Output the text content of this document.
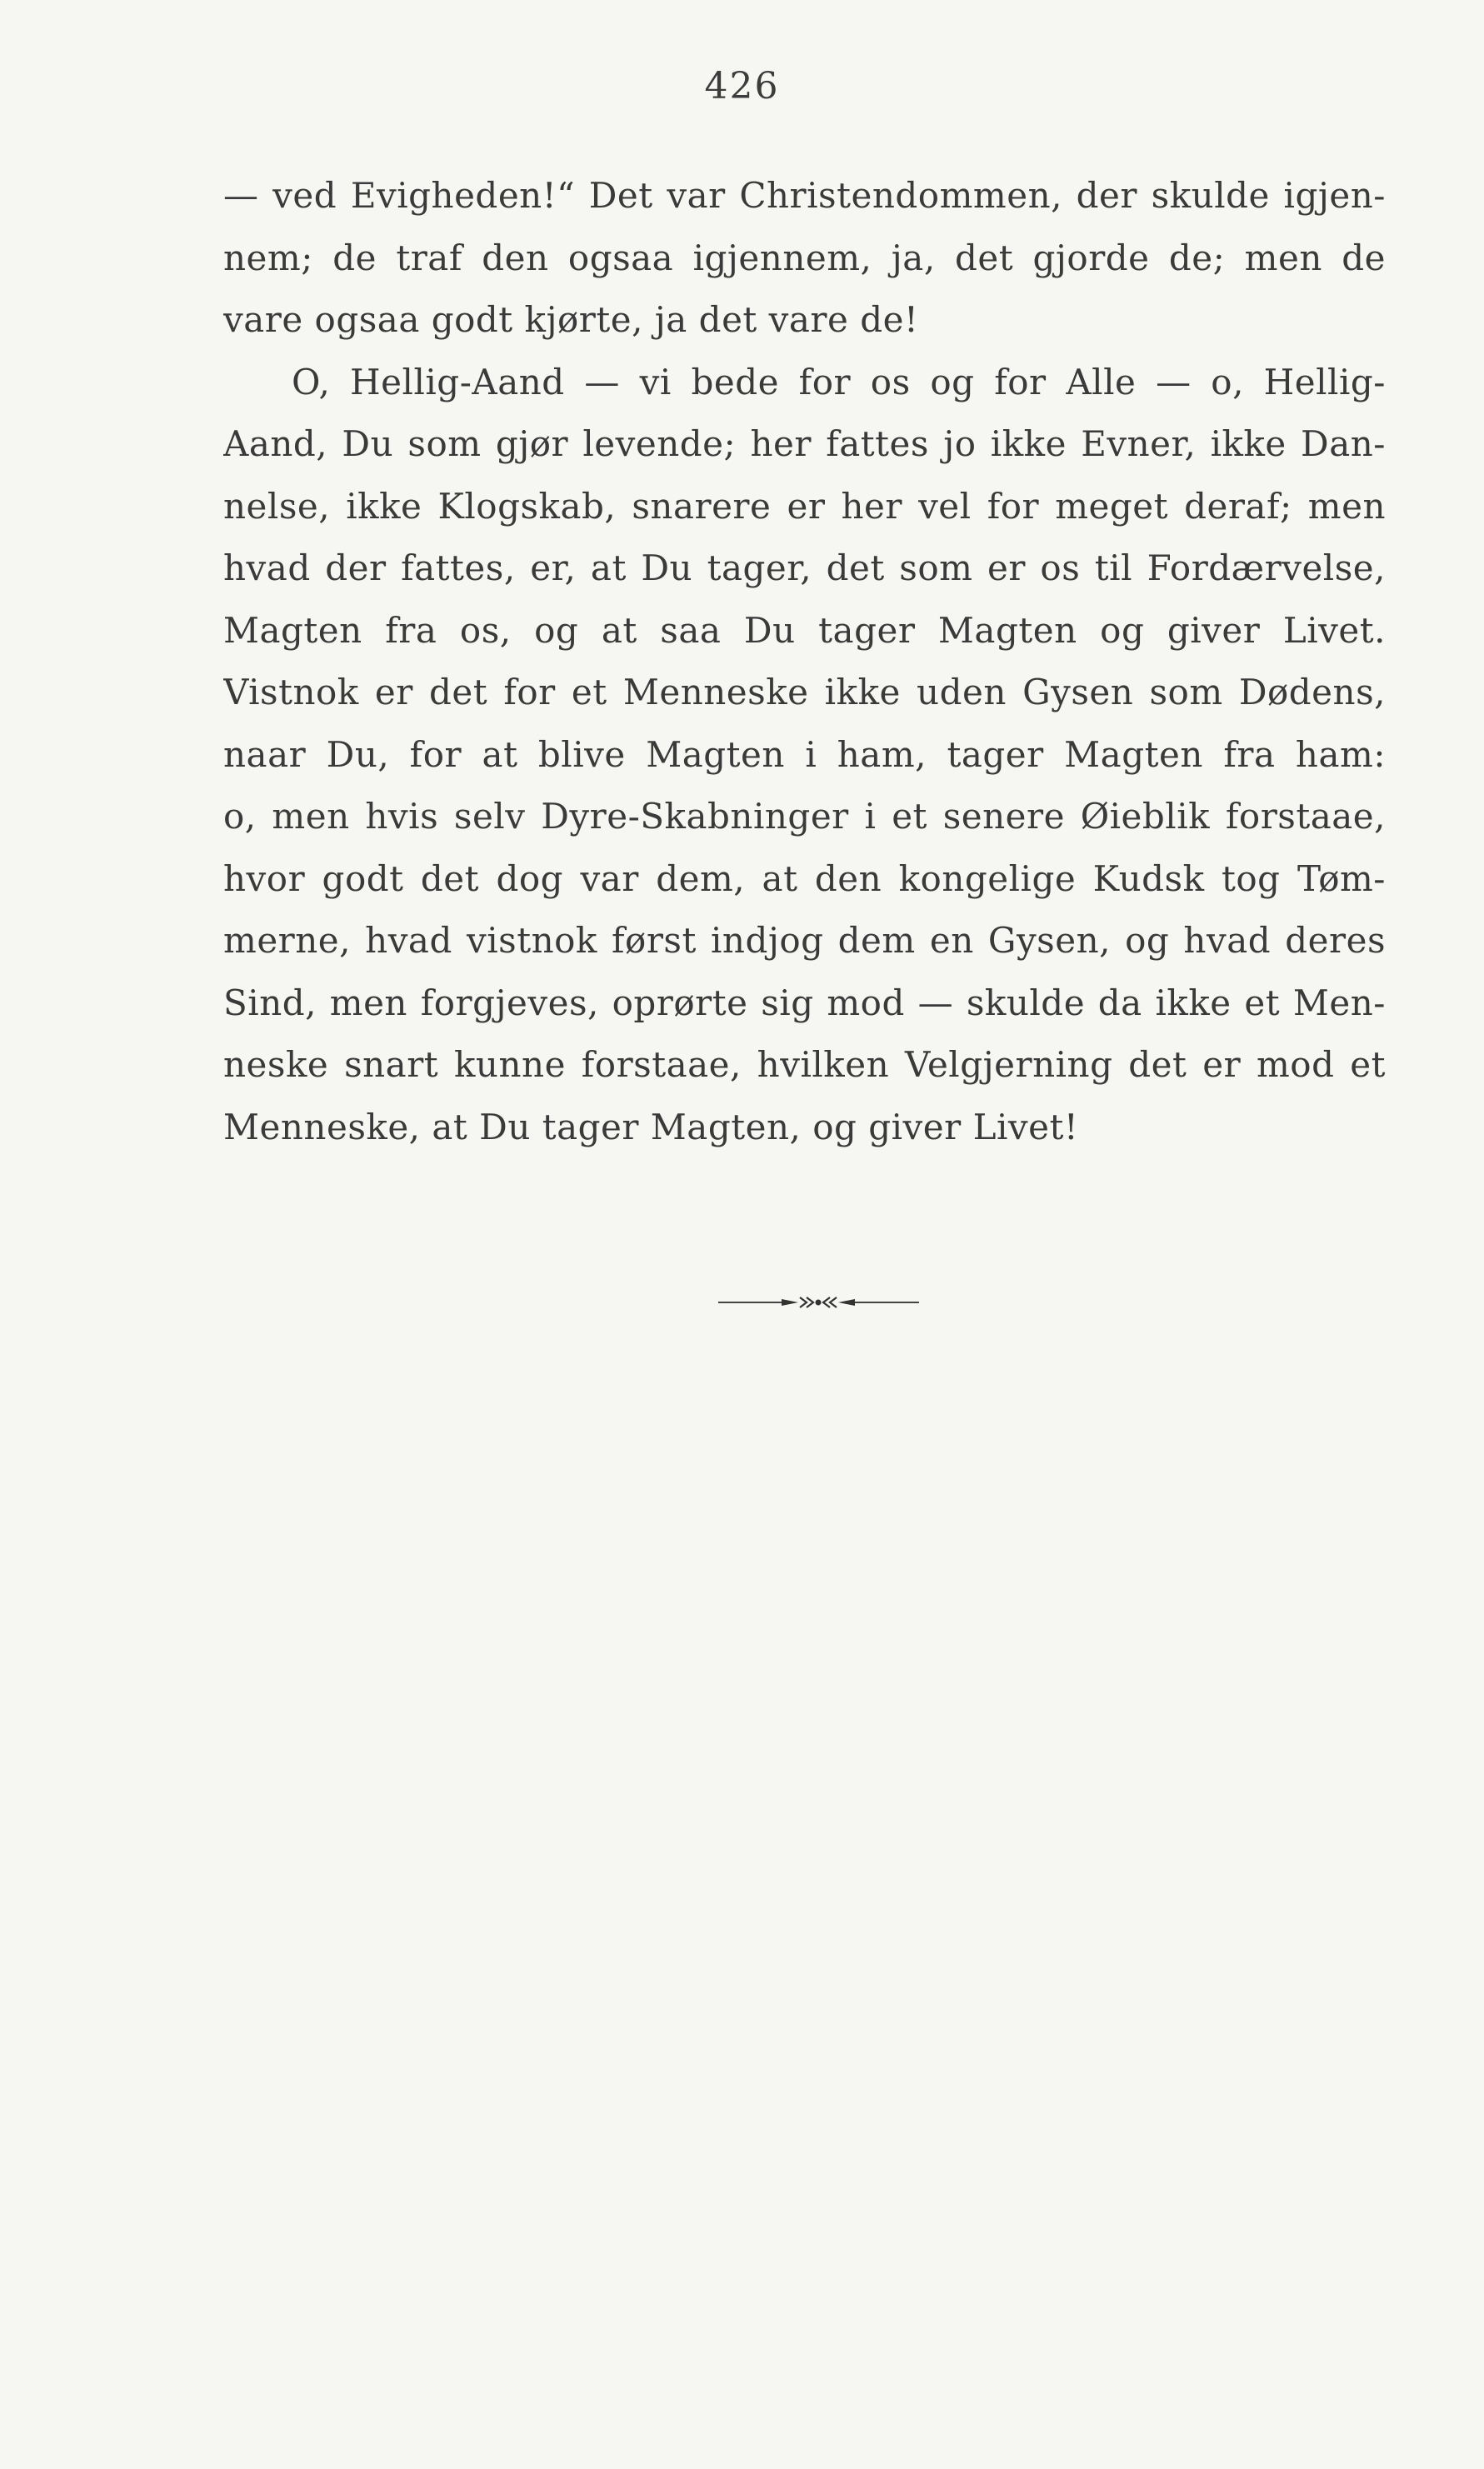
426
— ved Evigheden!“ Det var Christendommen, der skulde igjen-
nem; de traf den ogsaa igjennem, ja, det gjorde de; men de
vare ogsaa godt kjørte, ja det vare de!
O, Hellig-Aand — vi bede for os og for Alle — o, Hellig-
Aand, Du som gjør levende; her fattes jo ikke Evner, ikke Dan-
nelse, ikke Klogskab, snarere er her vel for meget deraf; men
hvad der fattes, er, at Du tager, det som er os til Fordærvelse,
Magten fra os, og at saa Du tager Magten og giver Livet.
Vistnok er det for et Menneske ikke uden Gysen som Dødens,
naar Du, for at blive Magten i ham, tager Magten fra ham:
o, men hvis selv Dyre-Skabninger i et senere Øieblik forstaae,
hvor godt det dog var dem, at den kongelige Kudsk tog Tøm-
merne, hvad vistnok først indjog dem en Gysen, og hvad deres
Sind, men forgjeves, oprørte sig mod — skulde da ikke et Men-
neske snart kunne forstaae, hvilken Velgjerning det er mod et
Menneske, at Du tager Magten, og giver Livet!
